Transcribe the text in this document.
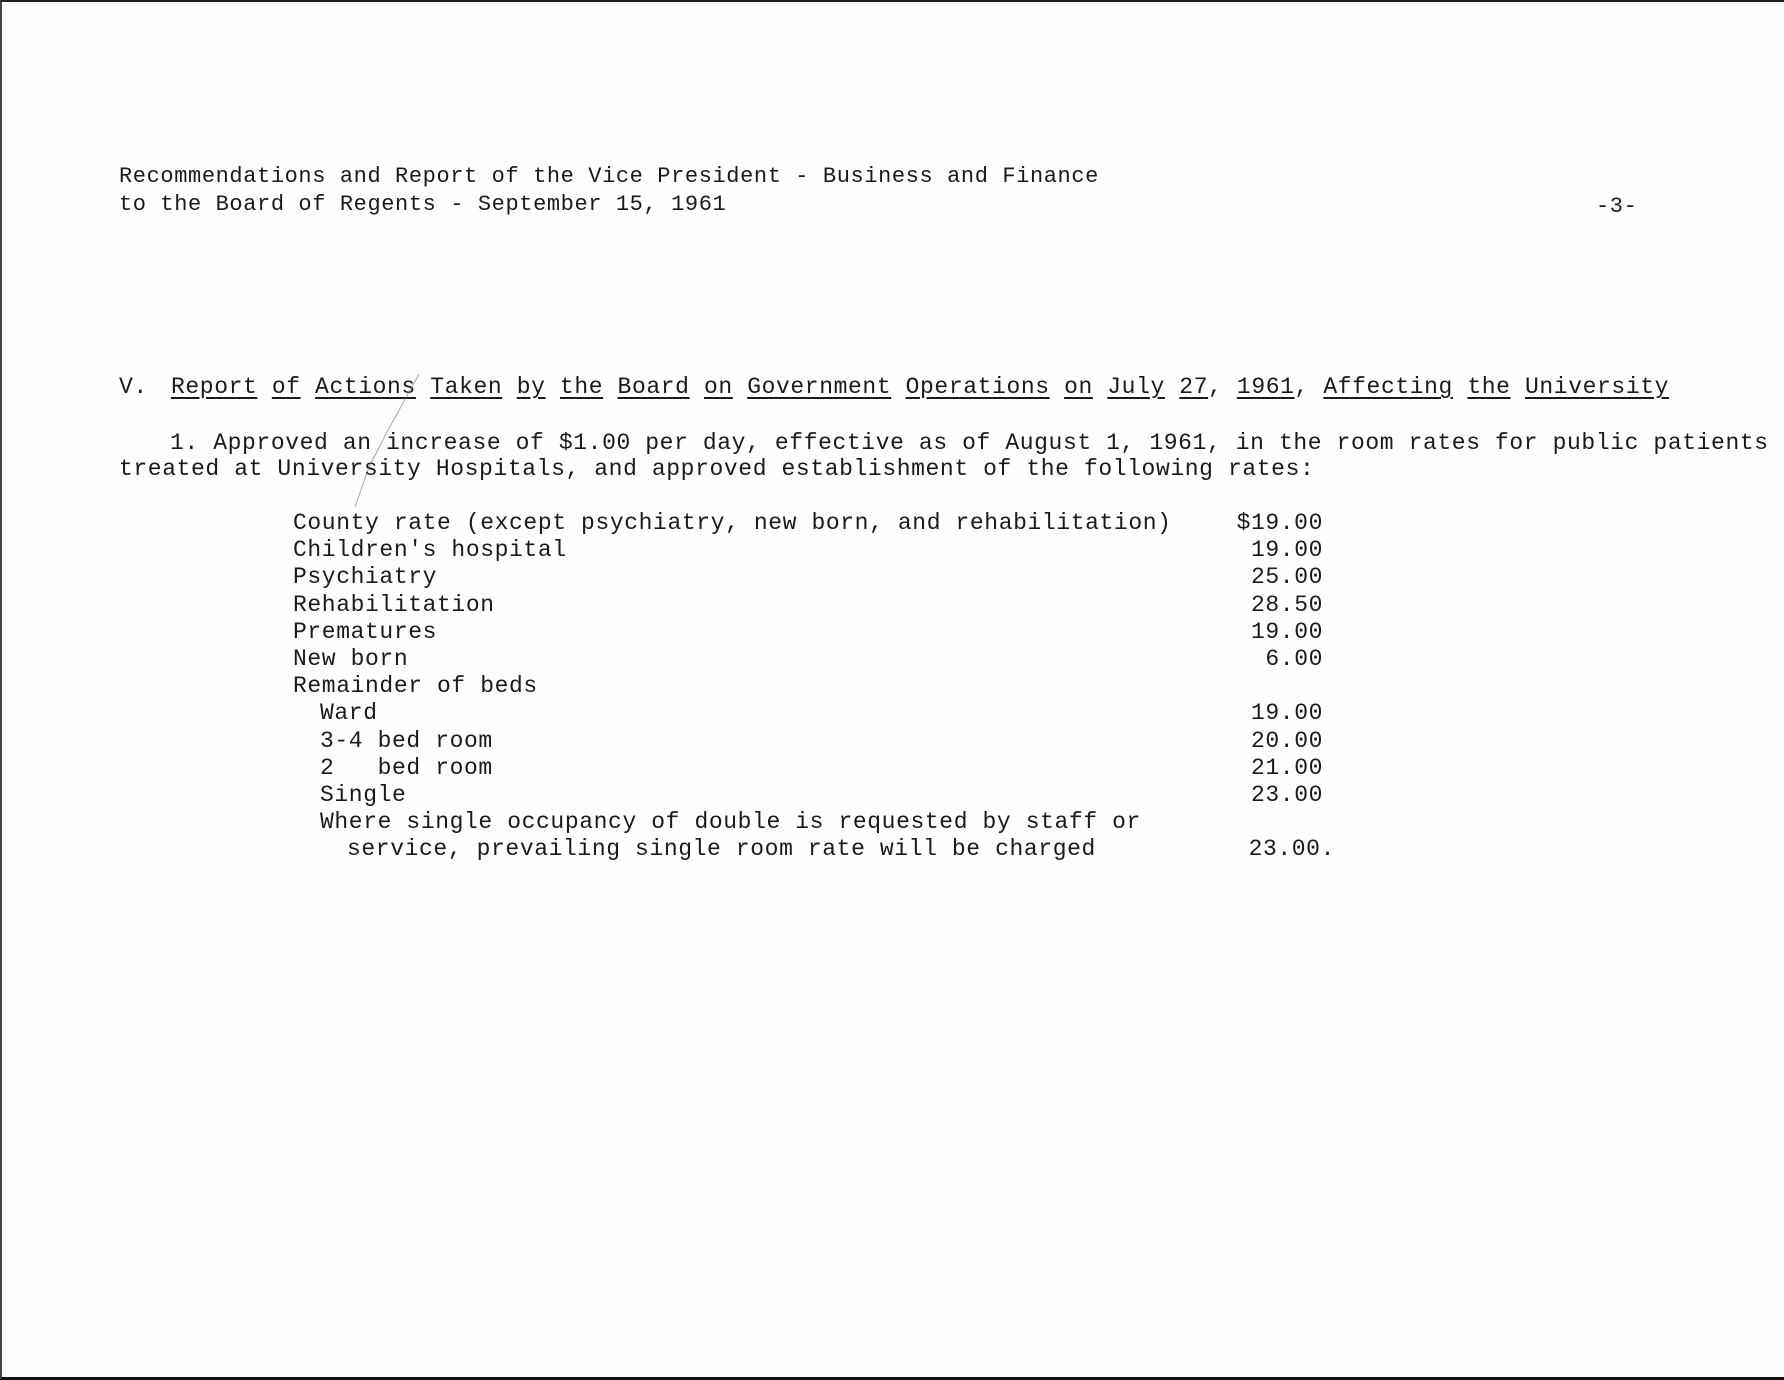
Recommendations and Report of the Vice President - Business and Finance
to the Board of Regents - September 15, 1961	-3-
V. Report of Actions Taken by the Board on Government Operations on July 27, 1961, Affecting the University
1. Approved an increase of $1.00 per day, effective as of August 1, 1961, in the room rates for public patients
treated at University Hospitals, and approved establishment of the following rates:
County rate (except psychiatry, new born, and rehabilitation)	$19.00
Children's hospital	19.00
Psychiatry	25.00
Rehabilitation	28.50
Prematures	19.00
New born	6.00
Remainder of beds
Ward	19.00
3-4 bed room	20.00
2   bed room	21.00
Single	23.00
Where single occupancy of double is requested by staff or
service, prevailing single room rate will be charged	23.00.
